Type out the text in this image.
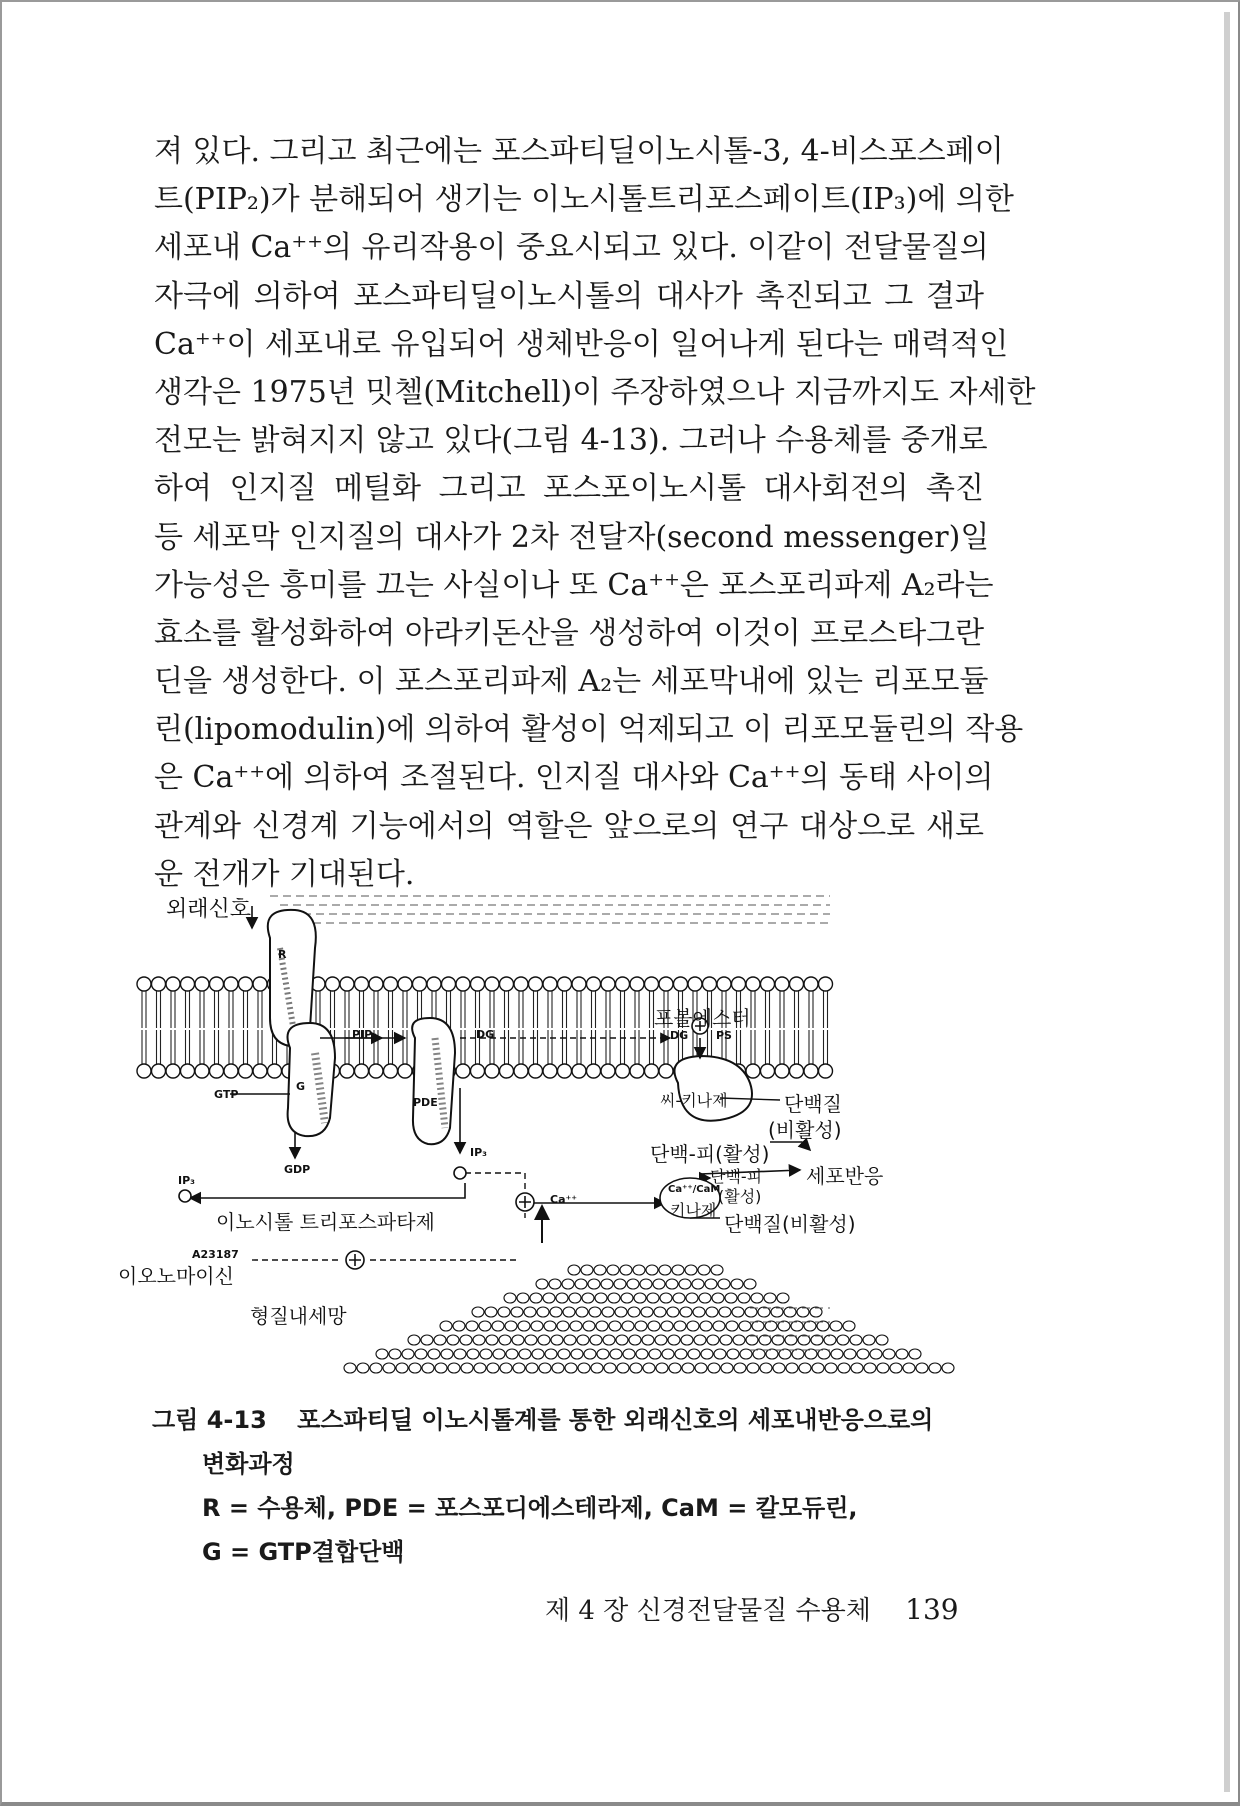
져 있다. 그리고 최근에는 포스파티딜이노시톨-3, 4-비스포스페이
트(PIP₂)가 분해되어 생기는 이노시톨트리포스페이트(IP₃)에 의한
세포내 Ca⁺⁺의 유리작용이 중요시되고 있다. 이같이 전달물질의
자극에 의하여 포스파티딜이노시톨의 대사가 촉진되고 그 결과
Ca⁺⁺이 세포내로 유입되어 생체반응이 일어나게 된다는 매력적인
생각은 1975년 밋첼(Mitchell)이 주장하였으나 지금까지도 자세한
전모는 밝혀지지 않고 있다(그림 4-13). 그러나 수용체를 중개로
하여 인지질 메틸화 그리고 포스포이노시톨 대사회전의 촉진
등 세포막 인지질의 대사가 2차 전달자(second messenger)일
가능성은 흥미를 끄는 사실이나 또 Ca⁺⁺은 포스포리파제 A₂라는
효소를 활성화하여 아라키돈산을 생성하여 이것이 프로스타그란
딘을 생성한다. 이 포스포리파제 A₂는 세포막내에 있는 리포모듈
린(lipomodulin)에 의하여 활성이 억제되고 이 리포모듈린의 작용
은 Ca⁺⁺에 의하여 조절된다. 인지질 대사와 Ca⁺⁺의 동태 사이의
관계와 신경계 기능에서의 역할은 앞으로의 연구 대상으로 새로
운 전개가 기대된다.
외래신호
R
G
GTP
GDP
PIP₂	DG
PDE
IP₃
IP₃
포볼에스터
PS
DG
씨-키나제	단백질
(비활성)
단백-피(활성)
단백-피
(활성)
세포반응
Ca⁺⁺/CaM
키나제
단백질(비활성)
Ca⁺⁺
이노시톨 트리포스파타제
A23187
이오노마이신
형질내세망
그림 4-13 포스파티딜 이노시톨계를 통한 외래신호의 세포내반응으로의
변화과정
R = 수용체, PDE = 포스포디에스테라제, CaM = 칼모듀린,
G = GTP결합단백
제 4 장 신경전달물질 수용체 139
